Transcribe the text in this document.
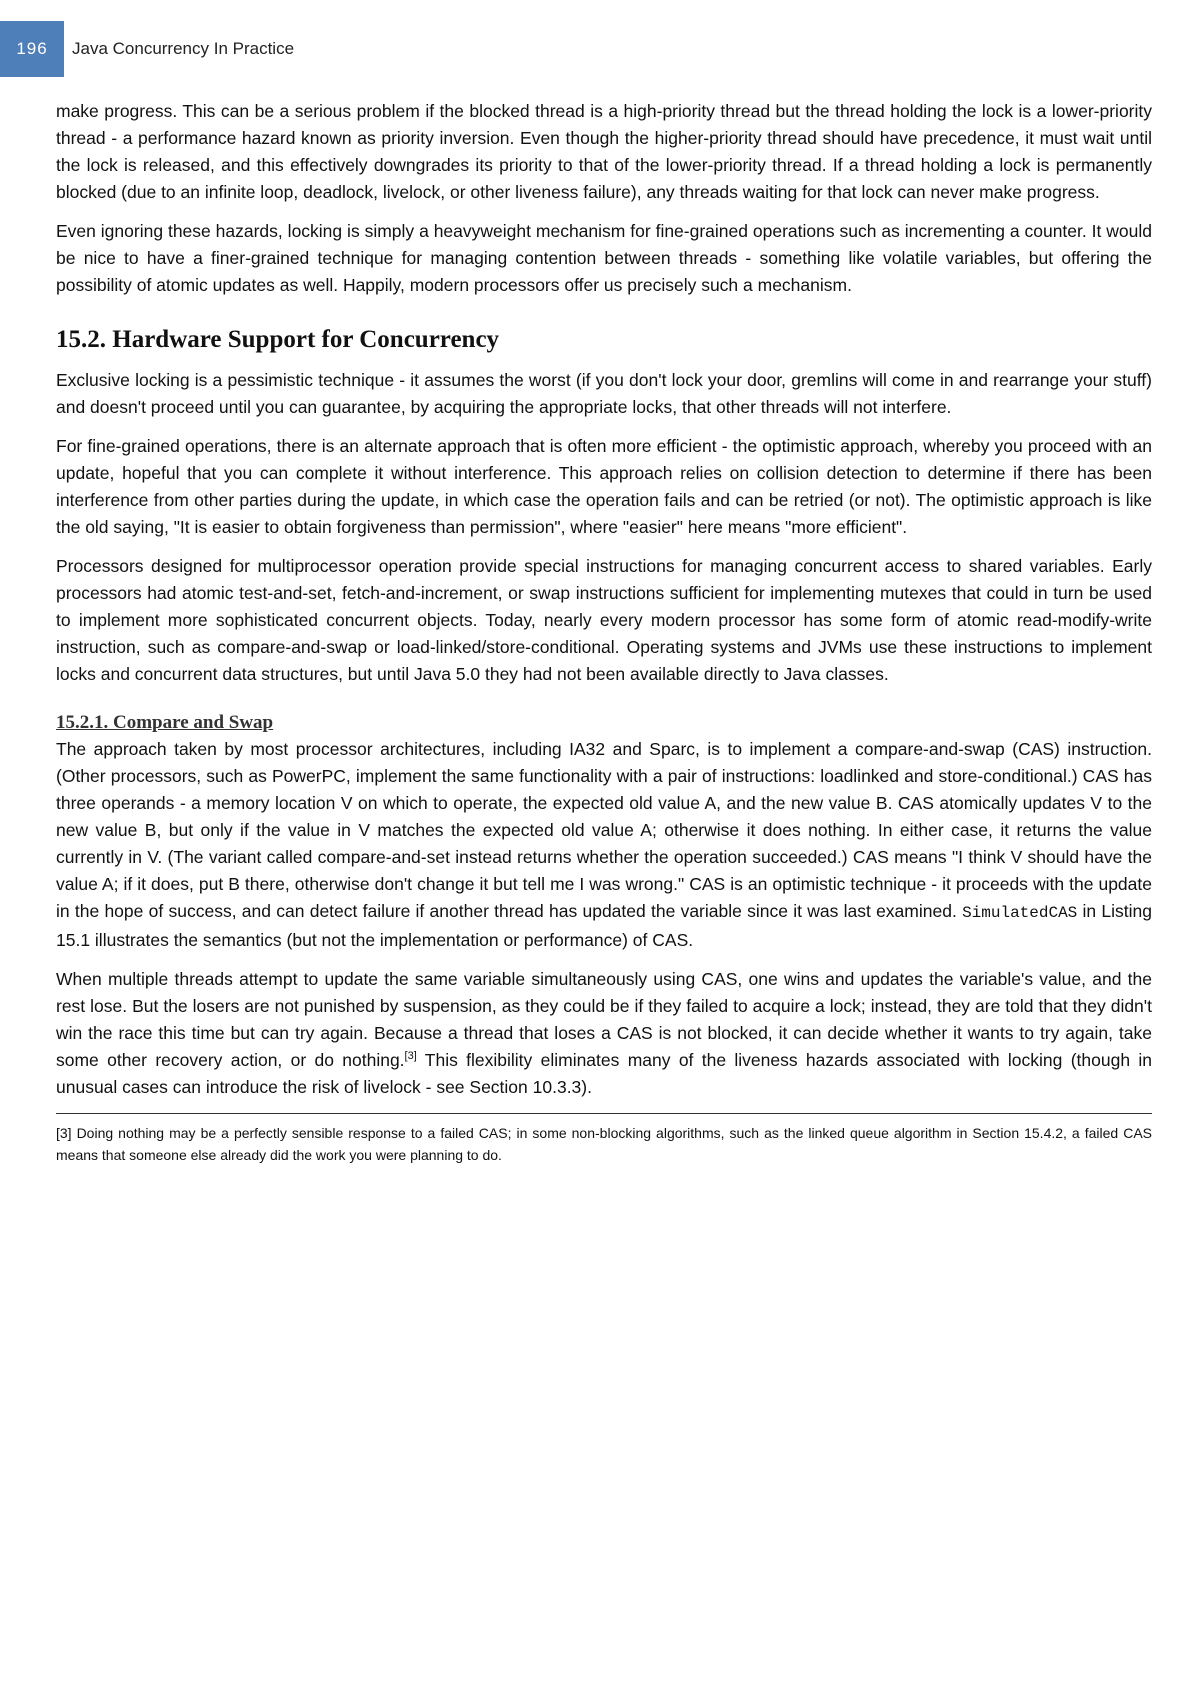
196	Java Concurrency In Practice

make progress. This can be a serious problem if the blocked thread is a high-priority thread but the thread holding the lock is a lower-priority thread - a performance hazard known as priority inversion. Even though the higher-priority thread should have precedence, it must wait until the lock is released, and this effectively downgrades its priority to that of the lower-priority thread. If a thread holding a lock is permanently blocked (due to an infinite loop, deadlock, livelock, or other liveness failure), any threads waiting for that lock can never make progress.

Even ignoring these hazards, locking is simply a heavyweight mechanism for fine-grained operations such as incrementing a counter. It would be nice to have a finer-grained technique for managing contention between threads - something like volatile variables, but offering the possibility of atomic updates as well. Happily, modern processors offer us precisely such a mechanism.

15.2. Hardware Support for Concurrency

Exclusive locking is a pessimistic technique - it assumes the worst (if you don't lock your door, gremlins will come in and rearrange your stuff) and doesn't proceed until you can guarantee, by acquiring the appropriate locks, that other threads will not interfere.

For fine-grained operations, there is an alternate approach that is often more efficient - the optimistic approach, whereby you proceed with an update, hopeful that you can complete it without interference. This approach relies on collision detection to determine if there has been interference from other parties during the update, in which case the operation fails and can be retried (or not). The optimistic approach is like the old saying, "It is easier to obtain forgiveness than permission", where "easier" here means "more efficient".

Processors designed for multiprocessor operation provide special instructions for managing concurrent access to shared variables. Early processors had atomic test-and-set, fetch-and-increment, or swap instructions sufficient for implementing mutexes that could in turn be used to implement more sophisticated concurrent objects. Today, nearly every modern processor has some form of atomic read-modify-write instruction, such as compare-and-swap or load-linked/store-conditional. Operating systems and JVMs use these instructions to implement locks and concurrent data structures, but until Java 5.0 they had not been available directly to Java classes.

15.2.1. Compare and Swap

The approach taken by most processor architectures, including IA32 and Sparc, is to implement a compare-and-swap (CAS) instruction. (Other processors, such as PowerPC, implement the same functionality with a pair of instructions: loadlinked and store-conditional.) CAS has three operands - a memory location V on which to operate, the expected old value A, and the new value B. CAS atomically updates V to the new value B, but only if the value in V matches the expected old value A; otherwise it does nothing. In either case, it returns the value currently in V. (The variant called compare-and-set instead returns whether the operation succeeded.) CAS means "I think V should have the value A; if it does, put B there, otherwise don't change it but tell me I was wrong." CAS is an optimistic technique - it proceeds with the update in the hope of success, and can detect failure if another thread has updated the variable since it was last examined. SimulatedCAS in Listing 15.1 illustrates the semantics (but not the implementation or performance) of CAS.

When multiple threads attempt to update the same variable simultaneously using CAS, one wins and updates the variable's value, and the rest lose. But the losers are not punished by suspension, as they could be if they failed to acquire a lock; instead, they are told that they didn't win the race this time but can try again. Because a thread that loses a CAS is not blocked, it can decide whether it wants to try again, take some other recovery action, or do nothing.[3] This flexibility eliminates many of the liveness hazards associated with locking (though in unusual cases can introduce the risk of livelock - see Section 10.3.3).

[3] Doing nothing may be a perfectly sensible response to a failed CAS; in some non-blocking algorithms, such as the linked queue algorithm in Section 15.4.2, a failed CAS means that someone else already did the work you were planning to do.
